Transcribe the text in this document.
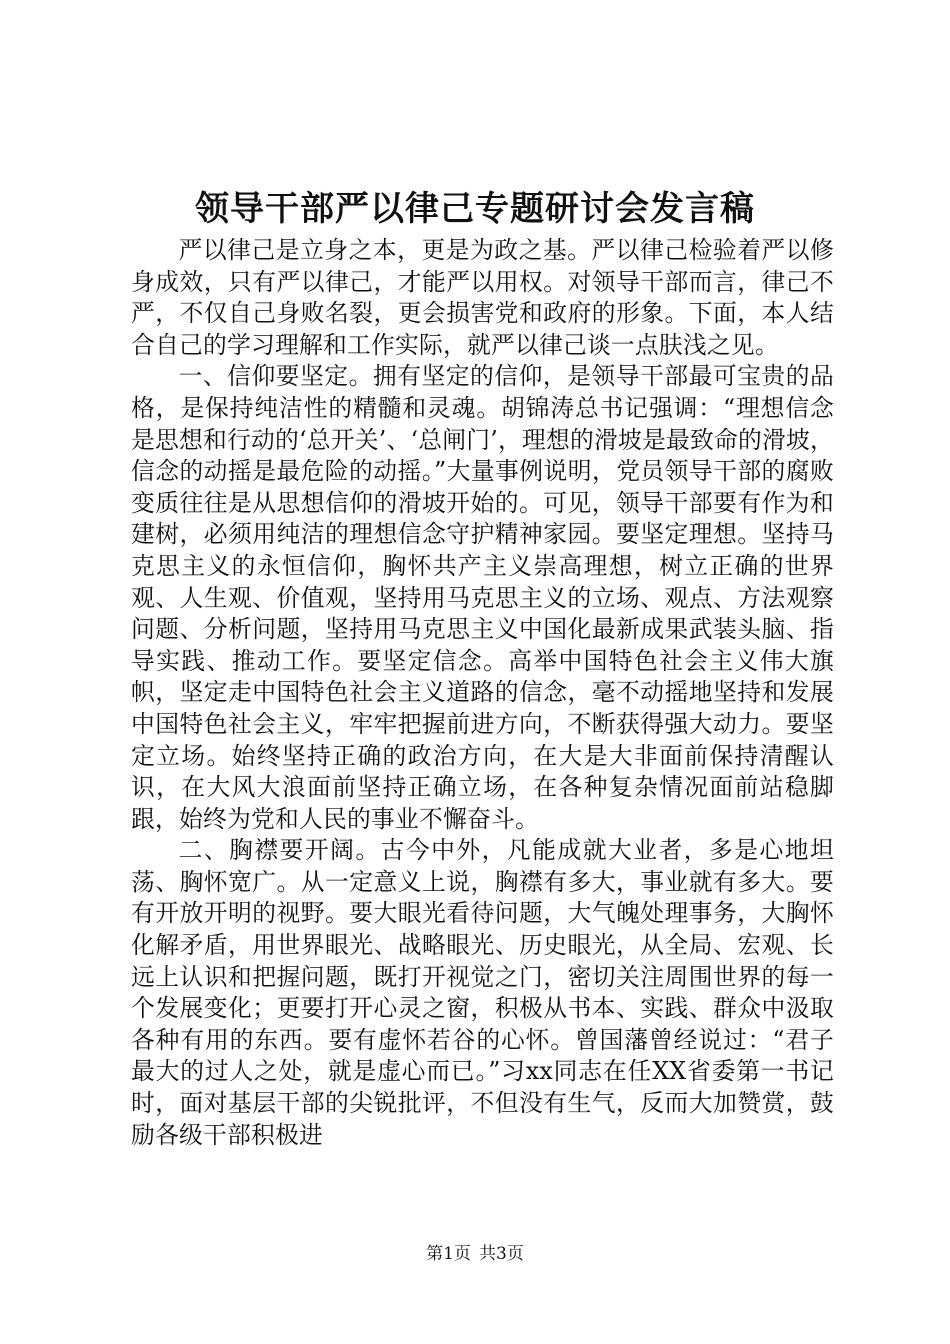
领导干部严以律己专题研讨会发言稿

严以律己是立身之本，更是为政之基。严以律己检验着严以修身成效，只有严以律己，才能严以用权。对领导干部而言，律己不严，不仅自己身败名裂，更会损害党和政府的形象。下面，本人结合自己的学习理解和工作实际，就严以律己谈一点肤浅之见。

一、信仰要坚定。拥有坚定的信仰，是领导干部最可宝贵的品格，是保持纯洁性的精髓和灵魂。胡锦涛总书记强调：“理想信念是思想和行动的‘总开关’、‘总闸门’，理想的滑坡是最致命的滑坡，信念的动摇是最危险的动摇。”大量事例说明，党员领导干部的腐败变质往往是从思想信仰的滑坡开始的。可见，领导干部要有作为和建树，必须用纯洁的理想信念守护精神家园。要坚定理想。坚持马克思主义的永恒信仰，胸怀共产主义崇高理想，树立正确的世界观、人生观、价值观，坚持用马克思主义的立场、观点、方法观察问题、分析问题，坚持用马克思主义中国化最新成果武装头脑、指导实践、推动工作。要坚定信念。高举中国特色社会主义伟大旗帜，坚定走中国特色社会主义道路的信念，毫不动摇地坚持和发展中国特色社会主义，牢牢把握前进方向，不断获得强大动力。要坚定立场。始终坚持正确的政治方向，在大是大非面前保持清醒认识，在大风大浪面前坚持正确立场，在各种复杂情况面前站稳脚跟，始终为党和人民的事业不懈奋斗。

二、胸襟要开阔。古今中外，凡能成就大业者，多是心地坦荡、胸怀宽广。从一定意义上说，胸襟有多大，事业就有多大。要有开放开明的视野。要大眼光看待问题，大气魄处理事务，大胸怀化解矛盾，用世界眼光、战略眼光、历史眼光，从全局、宏观、长远上认识和把握问题，既打开视觉之门，密切关注周围世界的每一个发展变化；更要打开心灵之窗，积极从书本、实践、群众中汲取各种有用的东西。要有虚怀若谷的心怀。曾国藩曾经说过：“君子最大的过人之处，就是虚心而已。”习xx同志在任XX省委第一书记时，面对基层干部的尖锐批评，不但没有生气，反而大加赞赏，鼓励各级干部积极进

第1页 共3页
